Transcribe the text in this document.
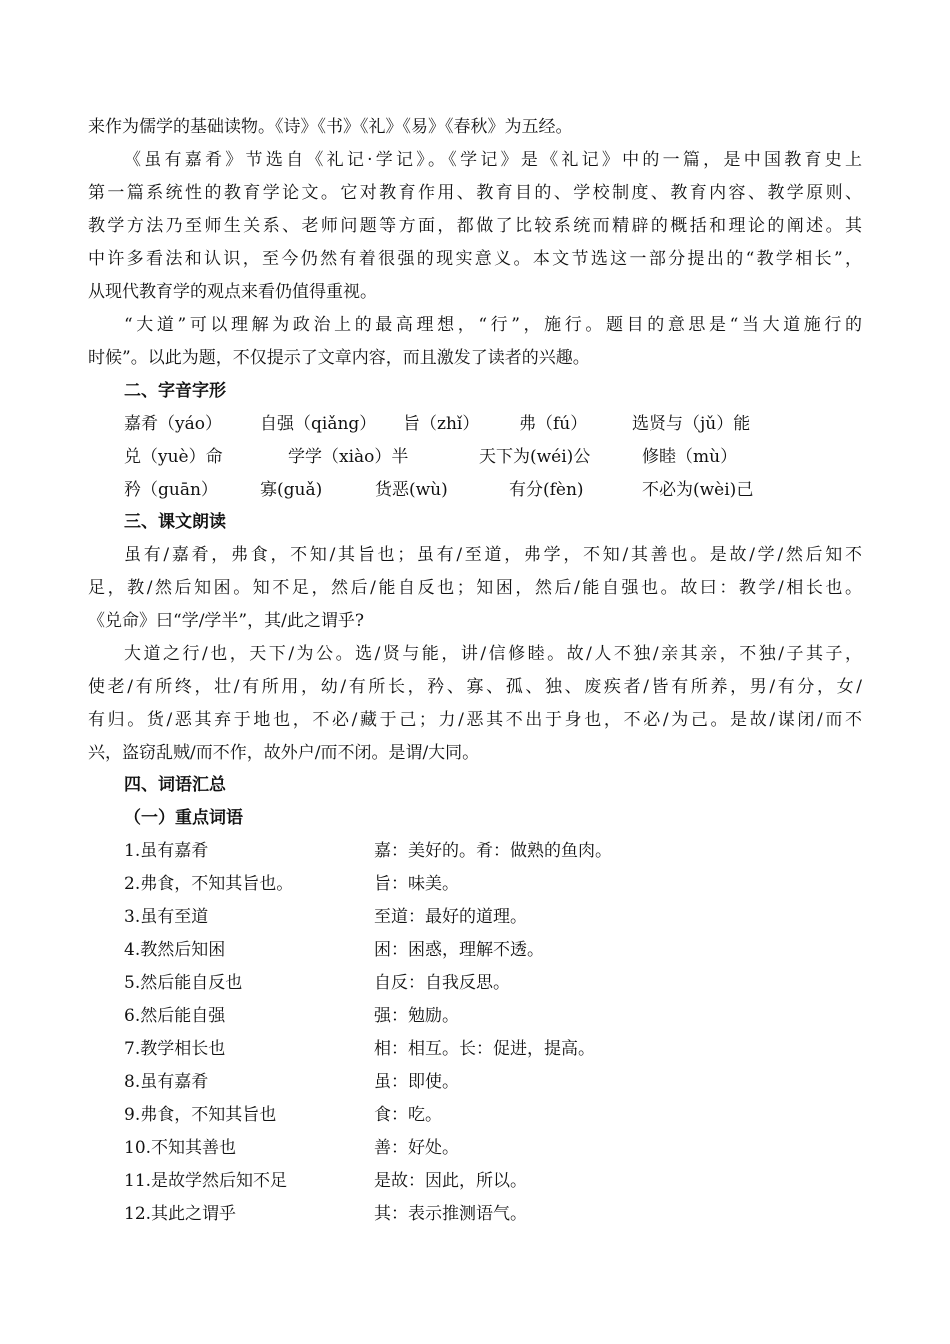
来作为儒学的基础读物。《诗》《书》《礼》《易》《春秋》为五经。
《虽有嘉肴》节选自《礼记·学记》。《学记》是《礼记》中的一篇，是中国教育史上
第一篇系统性的教育学论文。它对教育作用、教育目的、学校制度、教育内容、教学原则、
教学方法乃至师生关系、老师问题等方面，都做了比较系统而精辟的概括和理论的阐述。其
中许多看法和认识，至今仍然有着很强的现实意义。本文节选这一部分提出的“教学相长”，
从现代教育学的观点来看仍值得重视。
“大道”可以理解为政治上的最高理想，“行”，施行。题目的意思是“当大道施行的
时候”。以此为题，不仅提示了文章内容，而且激发了读者的兴趣。
二、字音字形
嘉肴（yáo） 自强（qiǎng） 旨（zhǐ） 弗（fú）	选贤与（jǔ）能
兑（yuè）命	学学（xiào）半	天下为(wéi)公	修睦（mù）
矜（guān） 寡(guǎ)	货恶(wù)	有分(fèn)	不必为(wèi)己
三、课文朗读
虽有/嘉肴，弗食，不知/其旨也；虽有/至道，弗学，不知/其善也。是故/学/然后知不
足，教/然后知困。知不足，然后/能自反也；知困，然后/能自强也。故曰：教学/相长也。
《兑命》曰“学/学半”，其/此之谓乎?
大道之行/也，天下/为公。选/贤与能，讲/信修睦。故/人不独/亲其亲，不独/子其子，
使老/有所终，壮/有所用，幼/有所长，矜、寡、孤、独、废疾者/皆有所养，男/有分，女/
有归。货/恶其弃于地也，不必/藏于己；力/恶其不出于身也，不必/为己。是故/谋闭/而不
兴，盗窃乱贼/而不作，故外户/而不闭。是谓/大同。
四、词语汇总
（一）重点词语
1.虽有嘉肴	嘉：美好的。肴：做熟的鱼肉。
2.弗食，不知其旨也。	旨：味美。
3.虽有至道	至道：最好的道理。
4.教然后知困	困：困惑，理解不透。
5.然后能自反也	自反：自我反思。
6.然后能自强	强：勉励。
7.教学相长也	相：相互。长：促进，提高。
8.虽有嘉肴	虽：即使。
9.弗食，不知其旨也	食：吃。
10.不知其善也	善：好处。
11.是故学然后知不足	是故：因此，所以。
12.其此之谓乎	其：表示推测语气。
